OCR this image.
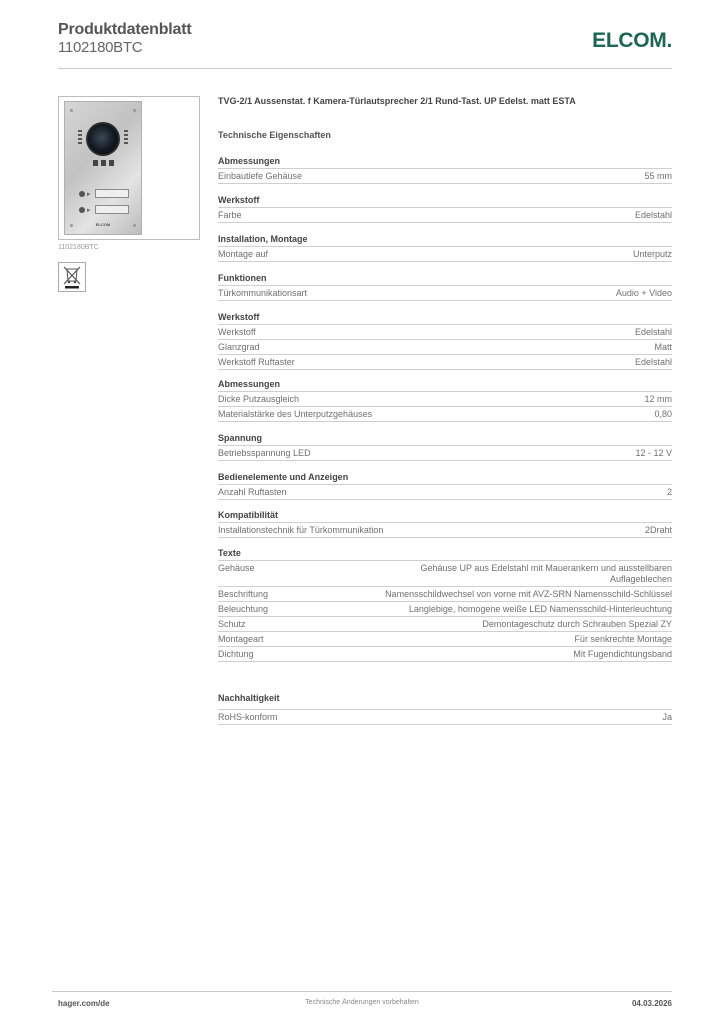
Produktdatenblatt
1102180BTC	ELCOM.
▸
▸
ELCOM
1102180BTC
TVG-2/1 Aussenstat. f Kamera-Türlautsprecher 2/1 Rund-Tast. UP Edelst. matt ESTA
Technische Eigenschaften
Abmessungen
Einbautiefe Gehäuse	55 mm
Werkstoff
Farbe	Edelstahl
Installation, Montage
Montage auf	Unterputz
Funktionen
Türkommunikationsart	Audio + Video
Werkstoff
Werkstoff	Edelstahl
Glanzgrad	Matt
Werkstoff Ruftaster	Edelstahl
Abmessungen
Dicke Putzausgleich	12 mm
Materialstärke des Unterputzgehäuses	0,80
Spannung
Betriebsspannung LED	12 - 12 V
Bedienelemente und Anzeigen
Anzahl Ruftasten	2
Kompatibilität
Installationstechnik für Türkommunikation	2Draht
Texte
Gehäuse	Gehäuse UP aus Edelstahl mit Mauerankern und ausstellbaren Auflageblechen
Beschriftung	Namensschildwechsel von vorne mit AVZ-SRN Namensschild-Schlüssel
Beleuchtung	Langlebige, homogene weiße LED Namensschild-Hinterleuchtung
Schutz	Demontageschutz durch Schrauben Spezial ZY
Montageart	Für senkrechte Montage
Dichtung	Mit Fugendichtungsband
Nachhaltigkeit
RoHS-konform	Ja
hager.com/de	Technische Änderungen vorbehalten	04.03.2026
